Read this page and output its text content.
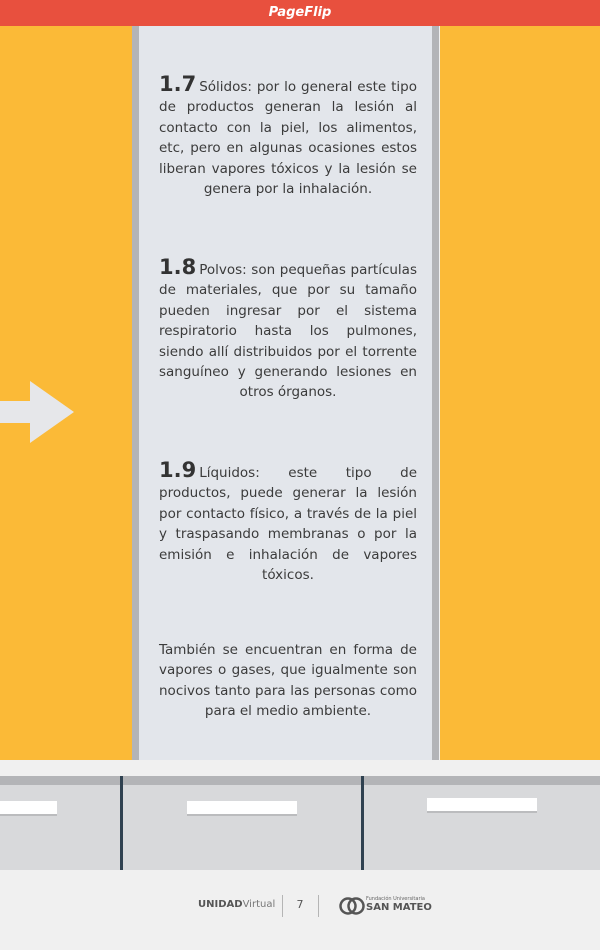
PageFlip
1.7 Sólidos: por lo general este tipo de productos generan la lesión al contacto con la piel, los alimentos, etc, pero en algunas ocasiones estos liberan vapores tóxicos y la lesión se genera por la inhalación.
1.8 Polvos: son pequeñas partículas de materiales, que por su tamaño pueden ingresar por el sistema respiratorio hasta los pulmones, siendo allí distribuidos por el torrente sanguíneo y generando lesiones en otros órganos.
1.9 Líquidos: este tipo de productos, puede generar la lesión por contacto físico, a través de la piel y traspasando membranas o por la emisión e inhalación de vapores tóxicos.
También se encuentran en forma de vapores o gases, que igualmente son nocivos tanto para las personas como para el medio ambiente.
UNIDADVirtual 7	Fundación Universitaria
SAN MATEO
